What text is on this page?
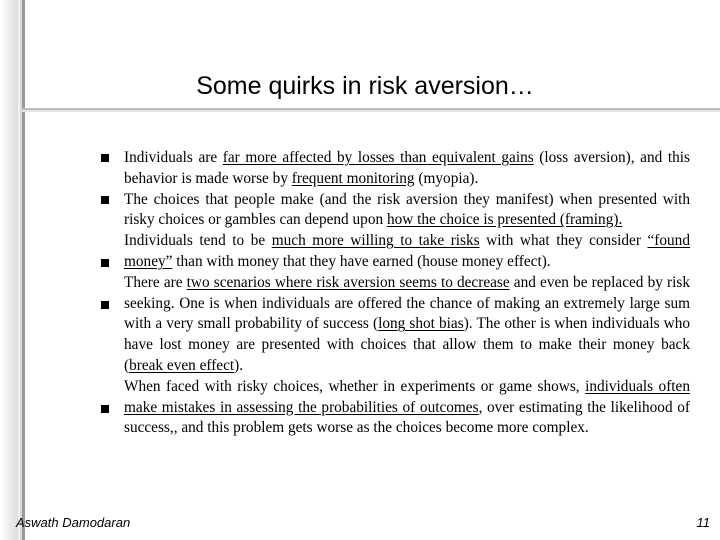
Some quirks in risk aversion…

Individuals are far more affected by losses than equivalent gains (loss aversion), and this behavior is made worse by frequent monitoring (myopia).

The choices that people make (and the risk aversion they manifest) when presented with risky choices or gambles can depend upon how the choice is presented (framing).

Individuals tend to be much more willing to take risks with what they consider “found money” than with money that they have earned (house money effect).

There are two scenarios where risk aversion seems to decrease and even be replaced by risk seeking. One is when individuals are offered the chance of making an extremely large sum with a very small probability of success (long shot bias). The other is when individuals who have lost money are presented with choices that allow them to make their money back (break even effect).

When faced with risky choices, whether in experiments or game shows, individuals often make mistakes in assessing the probabilities of outcomes, over estimating the likelihood of success,, and this problem gets worse as the choices become more complex.

Aswath Damodaran	11
